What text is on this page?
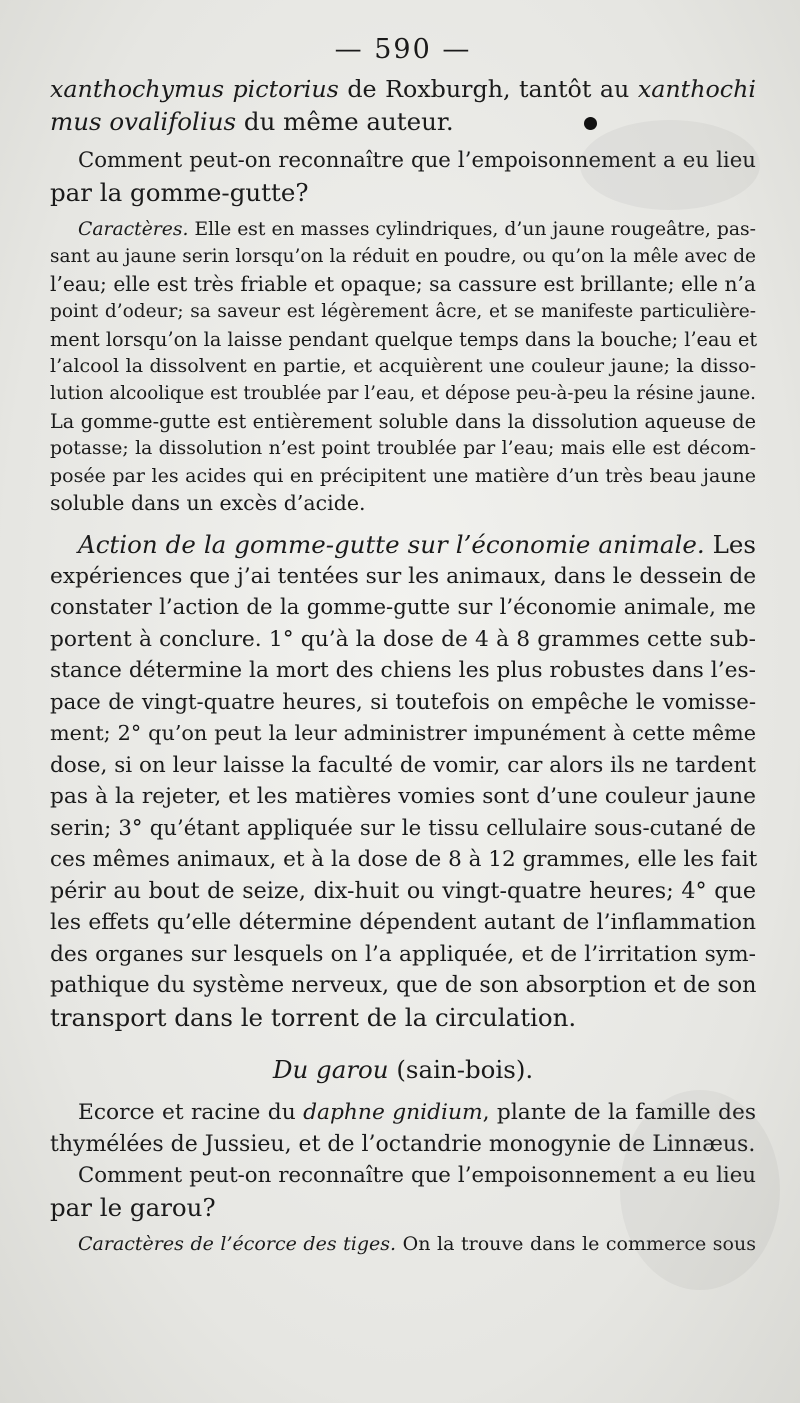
— 590 —
xanthochymus pictorius de Roxburgh, tantôt au xanthochi
mus ovalifolius du même auteur.
Comment peut-on reconnaître que l’empoisonnement a eu lieu
par la gomme-gutte?
Caractères. Elle est en masses cylindriques, d’un jaune rougeâtre, pas-
sant au jaune serin lorsqu’on la réduit en poudre, ou qu’on la mêle avec de
l’eau; elle est très friable et opaque; sa cassure est brillante; elle n’a
point d’odeur; sa saveur est légèrement âcre, et se manifeste particulière-
ment lorsqu’on la laisse pendant quelque temps dans la bouche; l’eau et
l’alcool la dissolvent en partie, et acquièrent une couleur jaune; la disso-
lution alcoolique est troublée par l’eau, et dépose peu-à-peu la résine jaune.
La gomme-gutte est entièrement soluble dans la dissolution aqueuse de
potasse; la dissolution n’est point troublée par l’eau; mais elle est décom-
posée par les acides qui en précipitent une matière d’un très beau jaune
soluble dans un excès d’acide.
Action de la gomme-gutte sur l’économie animale. Les
expériences que j’ai tentées sur les animaux, dans le dessein de
constater l’action de la gomme-gutte sur l’économie animale, me
portent à conclure. 1° qu’à la dose de 4 à 8 grammes cette sub-
stance détermine la mort des chiens les plus robustes dans l’es-
pace de vingt-quatre heures, si toutefois on empêche le vomisse-
ment; 2° qu’on peut la leur administrer impunément à cette même
dose, si on leur laisse la faculté de vomir, car alors ils ne tardent
pas à la rejeter, et les matières vomies sont d’une couleur jaune
serin; 3° qu’étant appliquée sur le tissu cellulaire sous-cutané de
ces mêmes animaux, et à la dose de 8 à 12 grammes, elle les fait
périr au bout de seize, dix-huit ou vingt-quatre heures; 4° que
les effets qu’elle détermine dépendent autant de l’inflammation
des organes sur lesquels on l’a appliquée, et de l’irritation sym-
pathique du système nerveux, que de son absorption et de son
transport dans le torrent de la circulation.
Du garou (sain-bois).
Ecorce et racine du daphne gnidium, plante de la famille des
thymélées de Jussieu, et de l’octandrie monogynie de Linnæus.
Comment peut-on reconnaître que l’empoisonnement a eu lieu
par le garou?
Caractères de l’écorce des tiges. On la trouve dans le commerce sous
